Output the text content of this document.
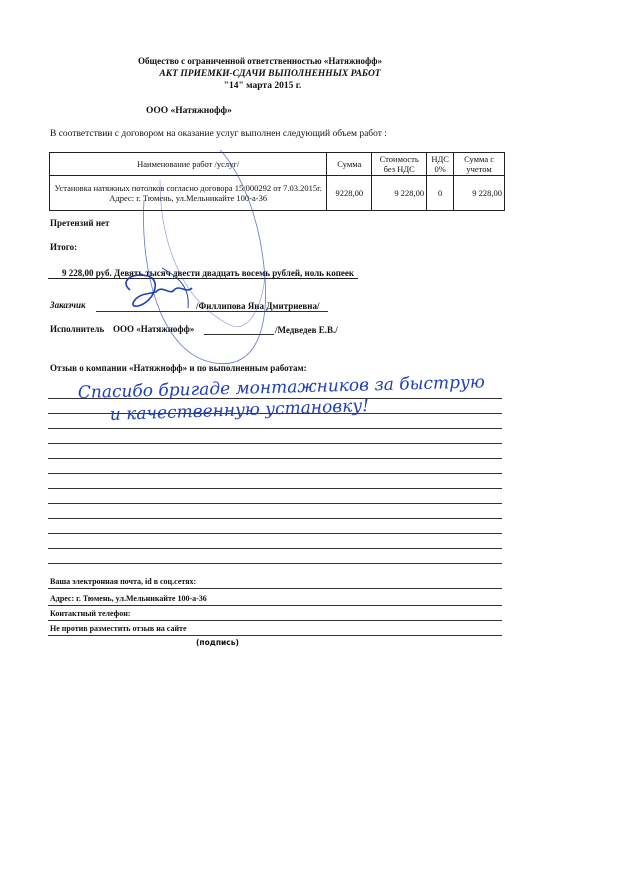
Общество с ограниченной ответственностью «Натяжнофф»
АКТ ПРИЕМКИ-СДАЧИ ВЫПОЛНЕННЫХ РАБОТ
"14" марта 2015 г.
ООО «Натяжнофф»
В соответствии с договором на оказание услуг выполнен следующий объем работ :
Наименование работ /услуг/	Сумма	Стоимость без НДС	НДС 0%	Сумма с учетом

Установка натяжных потолков согласно договора 15/000292 от 7.03.2015г.
Адрес: г. Тюмень, ул.Мельникайте 100-а-36	9228,00	9 228,00	0	9 228,00
Претензий нет
Итого:
9 228,00 руб. Девять тысяч двести двадцать восемь рублей, ноль копеек
Заказчик	/Филлипова Яна Дмитриевна/
Исполнитель ООО «Натяжнофф»	/Медведев Е.В./
Отзыв о компании «Натяжнофф» и по выполненным работам:
Спасибо бригаде монтажников за быструю
и качественную установку!
Ваша электронная почта, id в соц.сетях:
Адрес: г. Тюмень, ул.Мельникайте 100-а-36
Контактный телефон:
Не против разместить отзыв на сайте
(подпись)
